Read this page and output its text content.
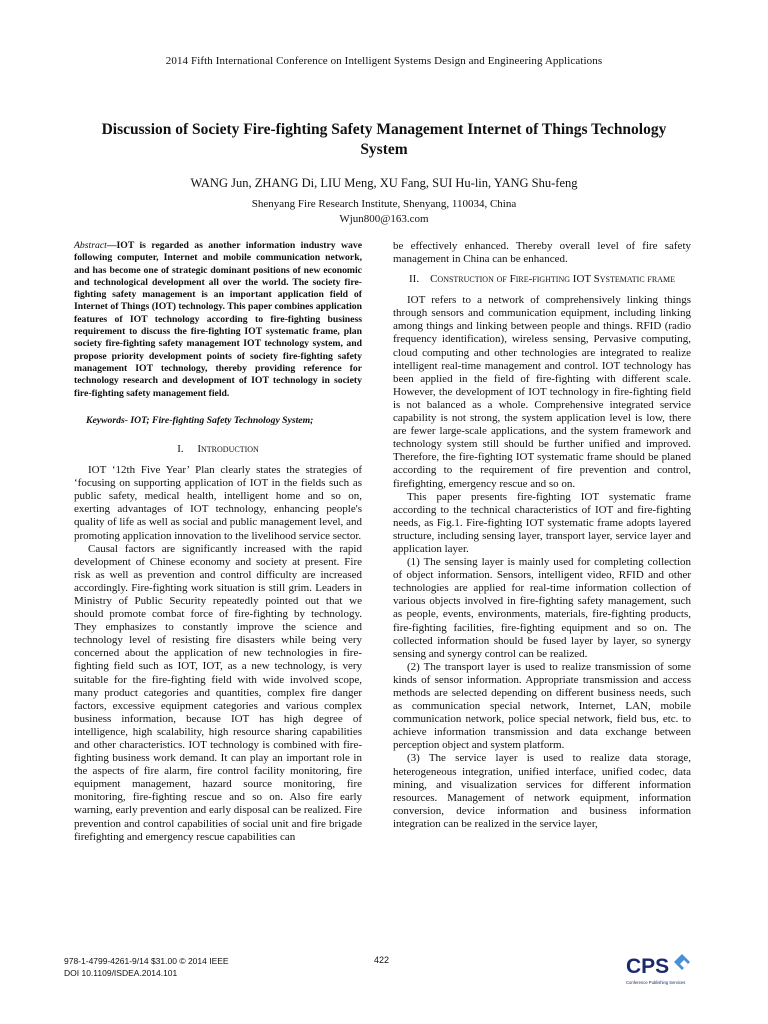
2014 Fifth International Conference on Intelligent Systems Design and Engineering Applications
Discussion of Society Fire-fighting Safety Management Internet of Things Technology System
WANG Jun, ZHANG Di, LIU Meng, XU Fang, SUI Hu-lin, YANG Shu-feng
Shenyang Fire Research Institute, Shenyang, 110034, China
Wjun800@163.com

Abstract—IOT is regarded as another information industry wave following computer, Internet and mobile communication network, and has become one of strategic dominant positions of new economic and technological development all over the world. The society fire-fighting safety management is an important application field of Internet of Things (IOT) technology. This paper combines application features of IOT technology according to fire-fighting business requirement to discuss the fire-fighting IOT systematic frame, plan society fire-fighting safety management IOT technology system, and propose priority development points of society fire-fighting safety management IOT technology, thereby providing reference for technology research and development of IOT technology in society fire-fighting safety management field.

Keywords- IOT; Fire-fighting Safety Technology System;

I. Introduction

IOT ‘12th Five Year’ Plan clearly states the strategies of ‘focusing on supporting application of IOT in the fields such as public safety, medical health, intelligent home and so on, exerting advantages of IOT technology, enhancing people's quality of life as well as social and public management level, and promoting application innovation to the livelihood service sector.

Causal factors are significantly increased with the rapid development of Chinese economy and society at present. Fire risk as well as prevention and control difficulty are increased accordingly. Fire-fighting work situation is still grim. Leaders in Ministry of Public Security repeatedly pointed out that we should promote combat force of fire-fighting by technology. They emphasizes to constantly improve the science and technology level of resisting fire disasters while being very concerned about the application of new technologies in fire-fighting field such as IOT, IOT, as a new technology, is very suitable for the fire-fighting field with wide involved scope, many product categories and quantities, complex fire danger factors, excessive equipment categories and various complex business information, because IOT has high degree of intelligence, high scalability, high resource sharing capabilities and other characteristics. IOT technology is combined with fire-fighting business work demand. It can play an important role in the aspects of fire alarm, fire control facility monitoring, fire equipment management, hazard source monitoring, fire monitoring, fire-fighting rescue and so on. Also fire early warning, early prevention and early disposal can be realized. Fire prevention and control capabilities of social unit and fire brigade firefighting and emergency rescue capabilities can

be effectively enhanced. Thereby overall level of fire safety management in China can be enhanced.

II. Construction of Fire-fighting IOT Systematic frame

IOT refers to a network of comprehensively linking things through sensors and communication equipment, including linking among things and linking between people and things. RFID (radio frequency identification), wireless sensing, Pervasive computing, cloud computing and other technologies are integrated to realize intelligent real-time management and control. IOT technology has been applied in the field of fire-fighting with different scale. However, the development of IOT technology in fire-fighting field is not balanced as a whole. Comprehensive integrated service capability is not strong, the system application level is low, there are fewer large-scale applications, and the system framework and technology system still should be further unified and improved. Therefore, the fire-fighting IOT systematic frame should be planed according to the requirement of fire prevention and control, firefighting, emergency rescue and so on.

This paper presents fire-fighting IOT systematic frame according to the technical characteristics of IOT and fire-fighting needs, as Fig.1. Fire-fighting IOT systematic frame adopts layered structure, including sensing layer, transport layer, service layer and application layer.

(1) The sensing layer is mainly used for completing collection of object information. Sensors, intelligent video, RFID and other technologies are applied for real-time information collection of various objects involved in fire-fighting safety management, such as people, events, environments, materials, fire-fighting products, fire-fighting facilities, fire-fighting equipment and so on. The collected information should be fused layer by layer, so synergy sensing and synergy control can be realized.

(2) The transport layer is used to realize transmission of some kinds of sensor information. Appropriate transmission and access methods are selected depending on different business needs, such as communication special network, Internet, LAN, mobile communication network, police special network, field bus, etc. to achieve information transmission and data exchange between perception object and system platform.

(3) The service layer is used to realize data storage, heterogeneous integration, unified interface, unified codec, data mining, and visualization services for different information resources. Management of network equipment, information conversion, device information and business information integration can be realized in the service layer,

978-1-4799-4261-9/14 $31.00 © 2014 IEEE
DOI 10.1109/ISDEA.2014.101
422	CPS
Conference Publishing Services
